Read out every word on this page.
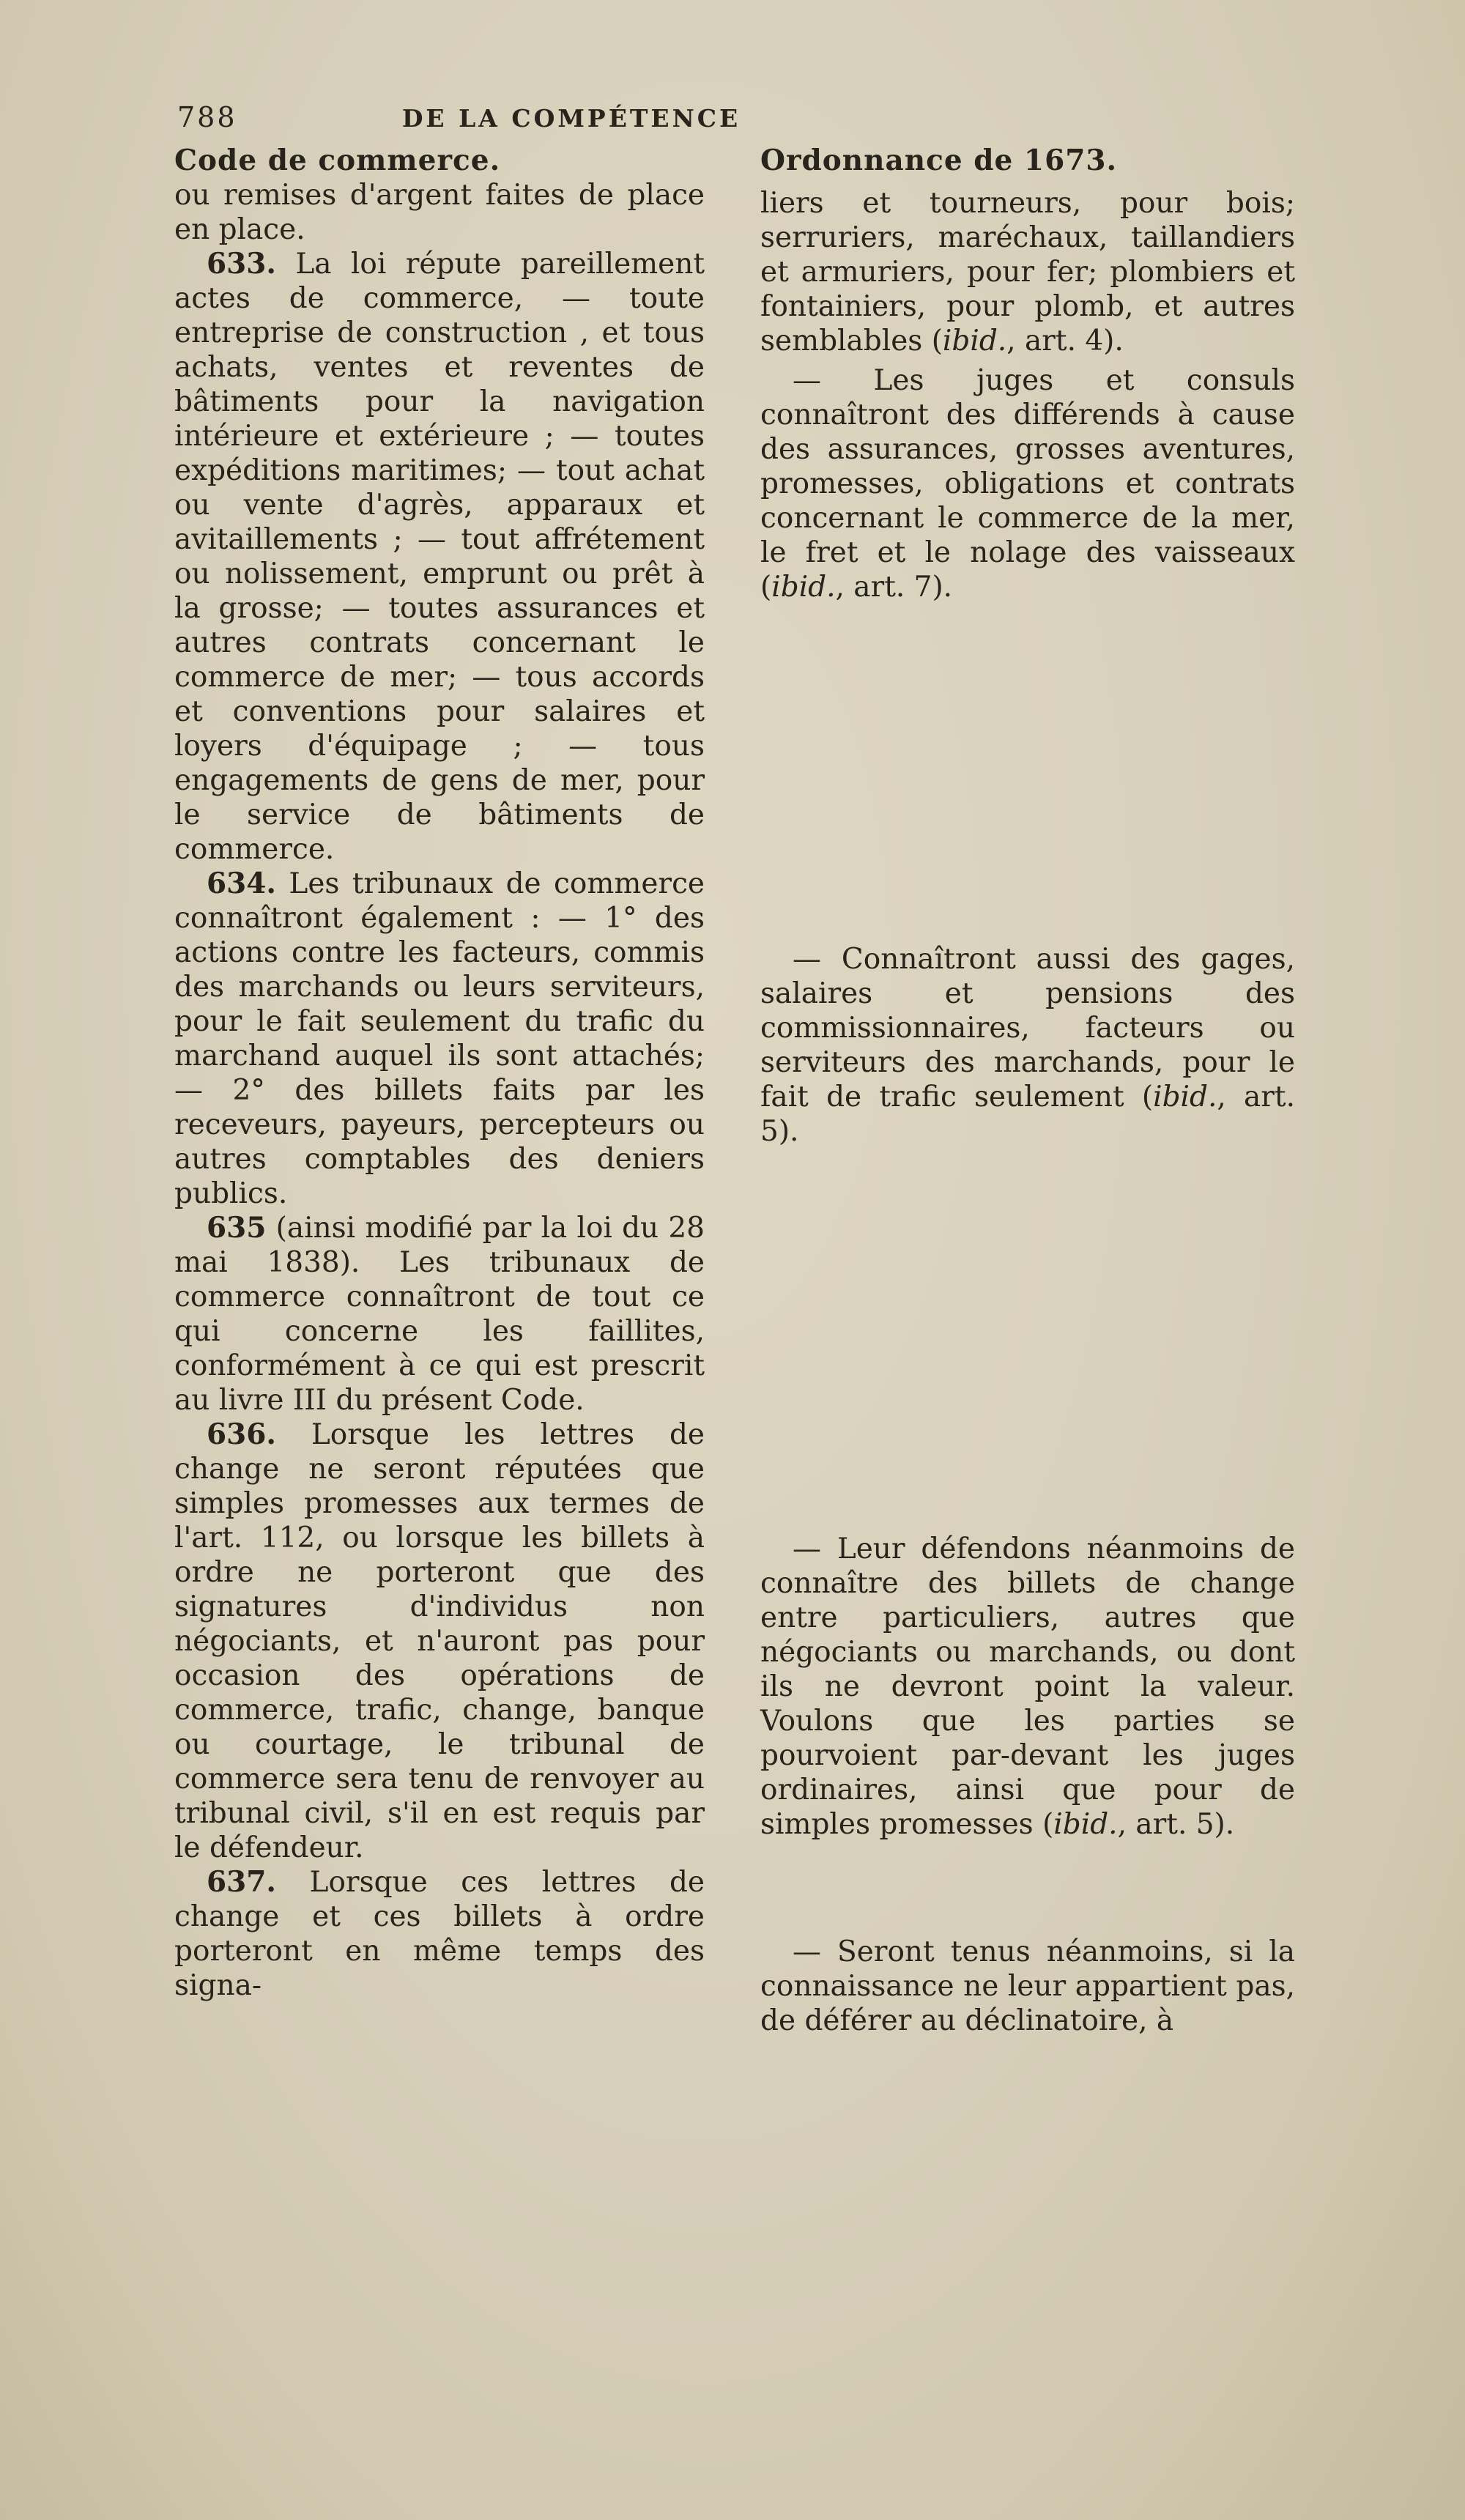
788	DE LA COMPÉTENCE

Code de commerce.

ou remises d'argent faites de place en place.

633. La loi répute pareillement actes de commerce, — toute entreprise de construction , et tous achats, ventes et reventes de bâtiments pour la navigation intérieure et extérieure ; — toutes expéditions maritimes; — tout achat ou vente d'agrès, apparaux et avitaillements ; — tout affrétement ou nolissement, emprunt ou prêt à la grosse; — toutes assurances et autres contrats concernant le commerce de mer; — tous accords et conventions pour salaires et loyers d'équipage ; — tous engagements de gens de mer, pour le service de bâtiments de commerce.

634. Les tribunaux de commerce connaîtront également : — 1° des actions contre les facteurs, commis des marchands ou leurs serviteurs, pour le fait seulement du trafic du marchand auquel ils sont attachés; — 2° des billets faits par les receveurs, payeurs, percepteurs ou autres comptables des deniers publics.

635 (ainsi modifié par la loi du 28 mai 1838). Les tribunaux de commerce connaîtront de tout ce qui concerne les faillites, conformément à ce qui est prescrit au livre III du présent Code.

636. Lorsque les lettres de change ne seront réputées que simples promesses aux termes de l'art. 112, ou lorsque les billets à ordre ne porteront que des signatures d'individus non négociants, et n'auront pas pour occasion des opérations de commerce, trafic, change, banque ou courtage, le tribunal de commerce sera tenu de renvoyer au tribunal civil, s'il en est requis par le défendeur.

637. Lorsque ces lettres de change et ces billets à ordre porteront en même temps des signa-

Ordonnance de 1673.

liers et tourneurs, pour bois; serruriers, maréchaux, taillandiers et armuriers, pour fer; plombiers et fontainiers, pour plomb, et autres semblables (ibid., art. 4).

— Les juges et consuls connaîtront des différends à cause des assurances, grosses aventures, promesses, obligations et contrats concernant le commerce de la mer, le fret et le nolage des vaisseaux (ibid., art. 7).

— Connaîtront aussi des gages, salaires et pensions des commissionnaires, facteurs ou serviteurs des marchands, pour le fait de trafic seulement (ibid., art. 5).

— Leur défendons néanmoins de connaître des billets de change entre particuliers, autres que négociants ou marchands, ou dont ils ne devront point la valeur. Voulons que les parties se pourvoient par-devant les juges ordinaires, ainsi que pour de simples promesses (ibid., art. 5).

— Seront tenus néanmoins, si la connaissance ne leur appartient pas, de déférer au déclinatoire, à
